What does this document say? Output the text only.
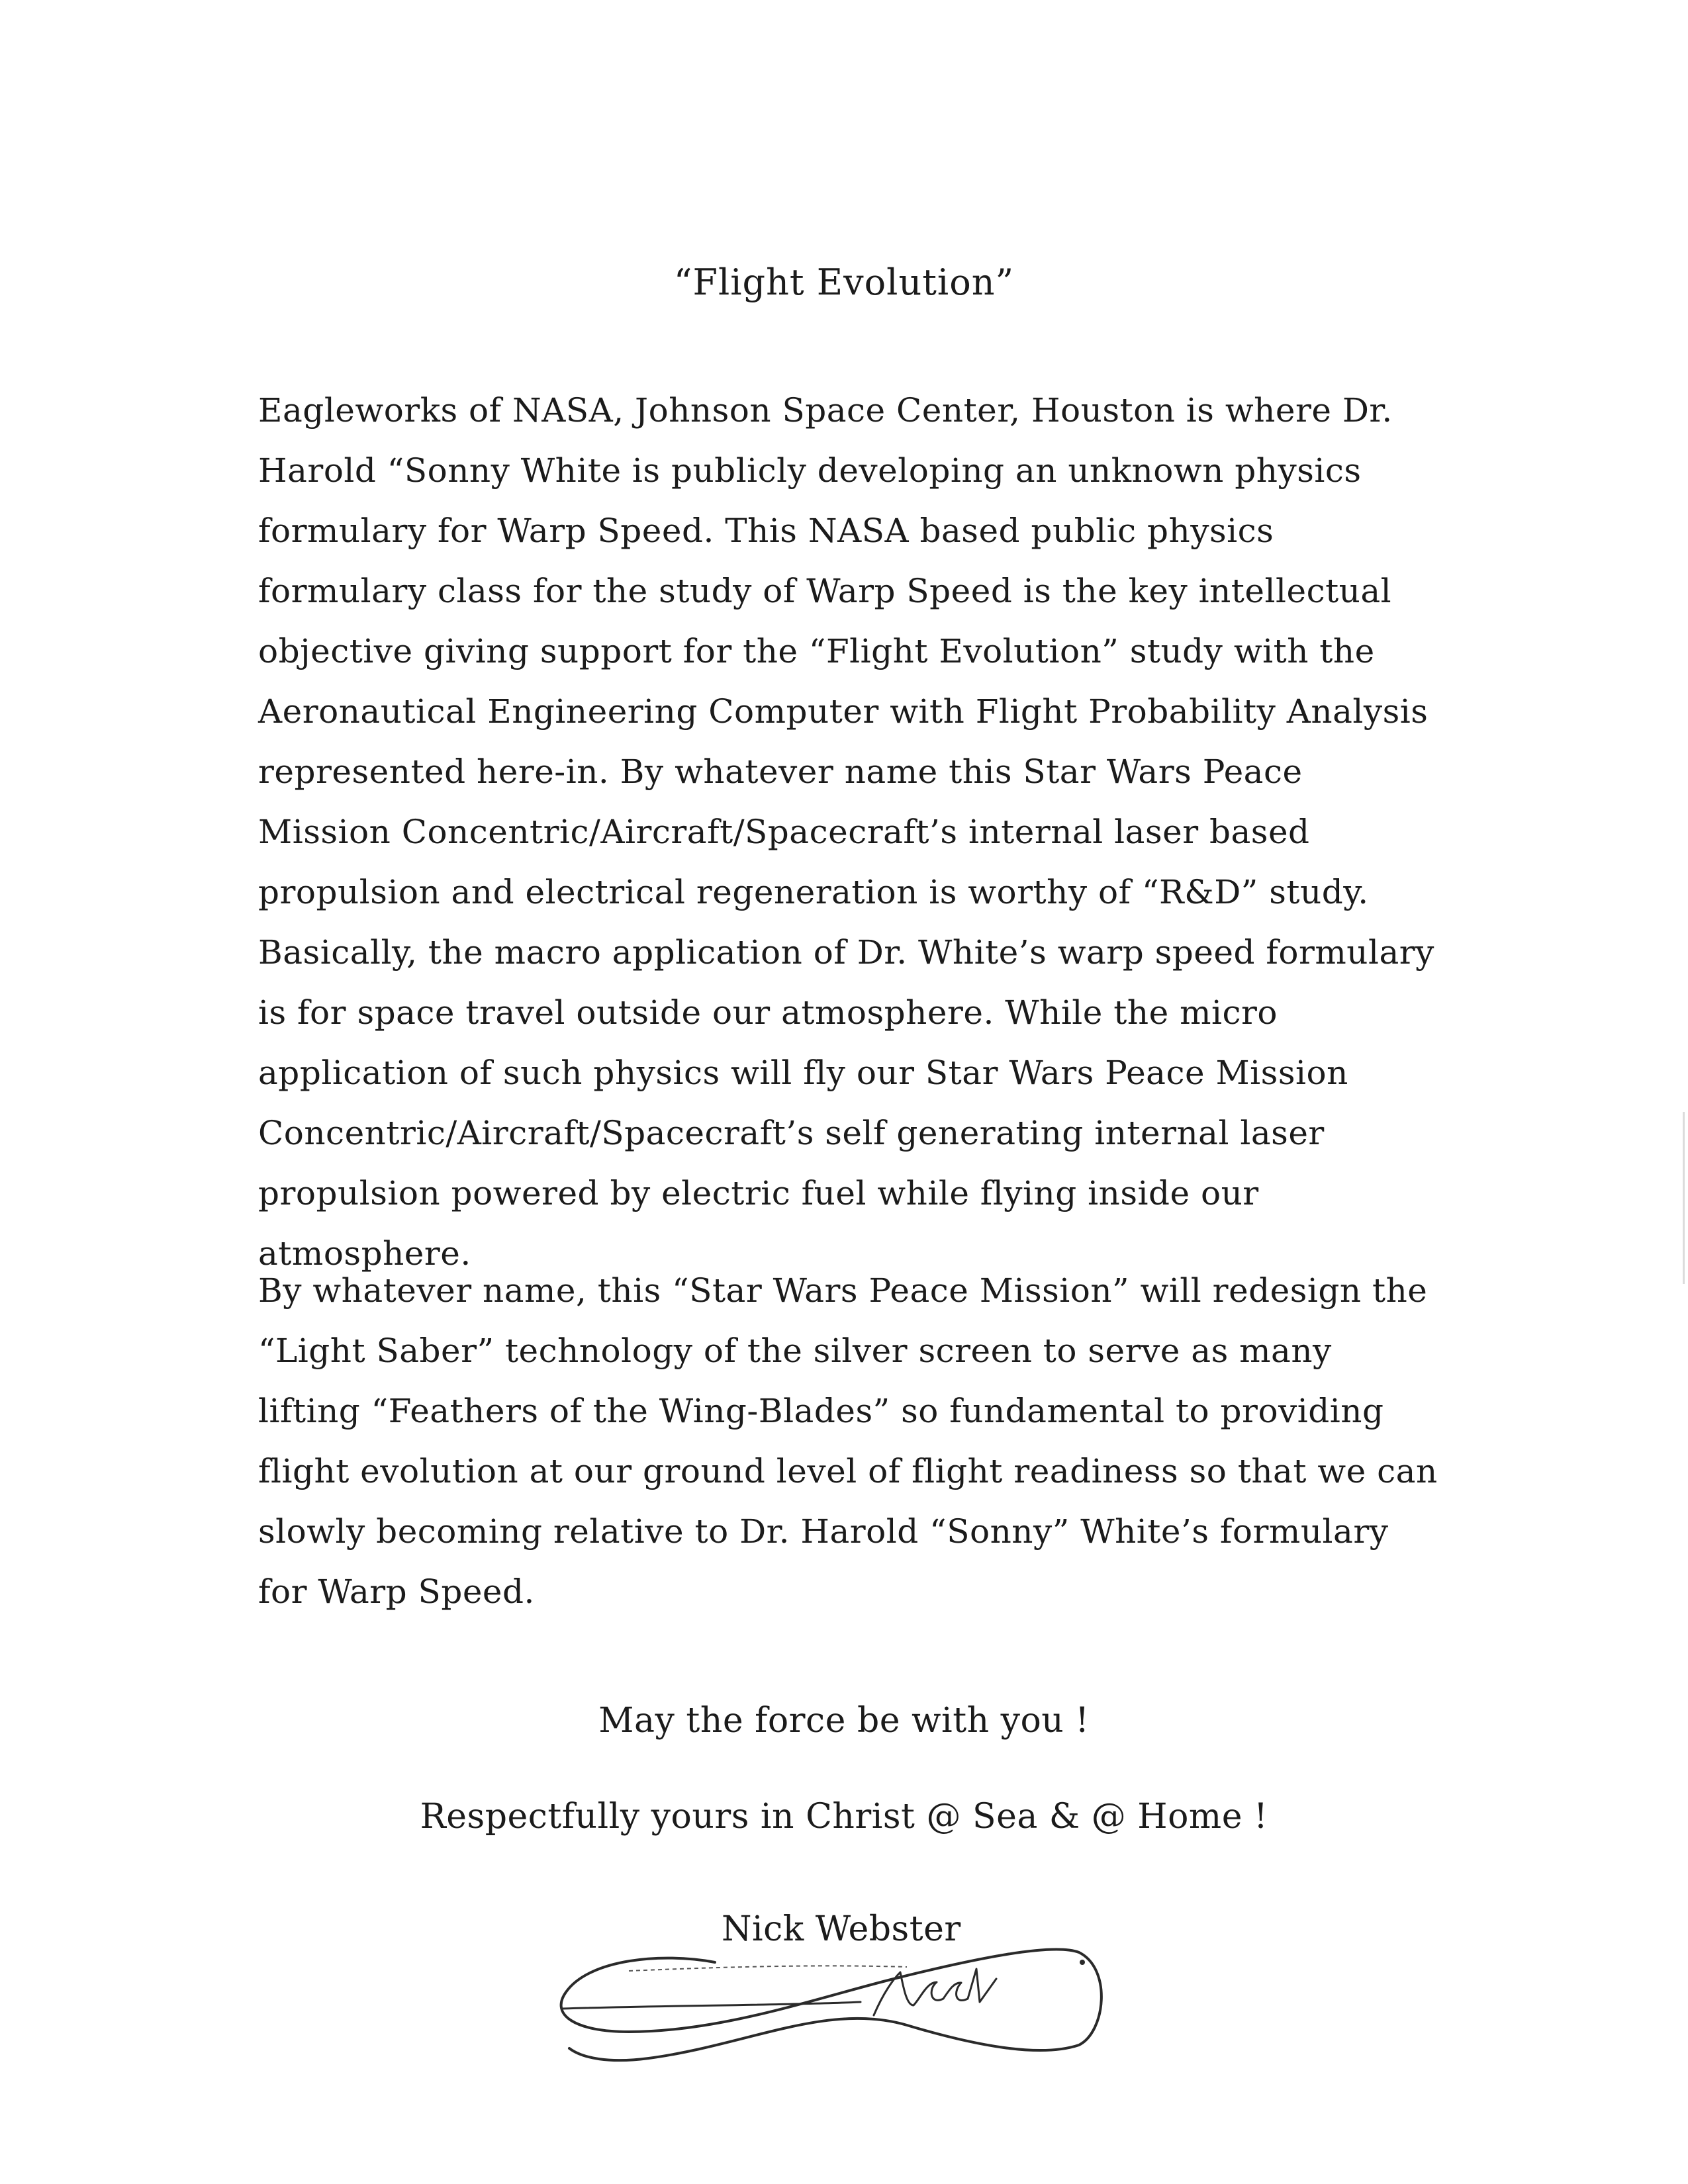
“Flight Evolution”

Eagleworks of NASA, Johnson Space Center, Houston is where Dr. Harold “Sonny White is publicly developing an unknown physics formulary for Warp Speed. This NASA based public physics formulary class for the study of Warp Speed is the key intellectual objective giving support for the “Flight Evolution” study with the Aeronautical Engineering Computer with Flight Probability Analysis represented here-in. By whatever name this Star Wars Peace Mission Concentric/Aircraft/Spacecraft’s internal laser based propulsion and electrical regeneration is worthy of “R&D” study. Basically, the macro application of Dr. White’s warp speed formulary is for space travel outside our atmosphere. While the micro application of such physics will fly our Star Wars Peace Mission Concentric/Aircraft/Spacecraft’s self generating internal laser propulsion powered by electric fuel while flying inside our atmosphere.

By whatever name, this “Star Wars Peace Mission” will redesign the “Light Saber” technology of the silver screen to serve as many lifting “Feathers of the Wing-Blades” so fundamental to providing flight evolution at our ground level of flight readiness so that we can slowly becoming relative to Dr. Harold “Sonny” White’s formulary for Warp Speed.

May the force be with you !
Respectfully yours in Christ @ Sea & @ Home !
Nick Webster
